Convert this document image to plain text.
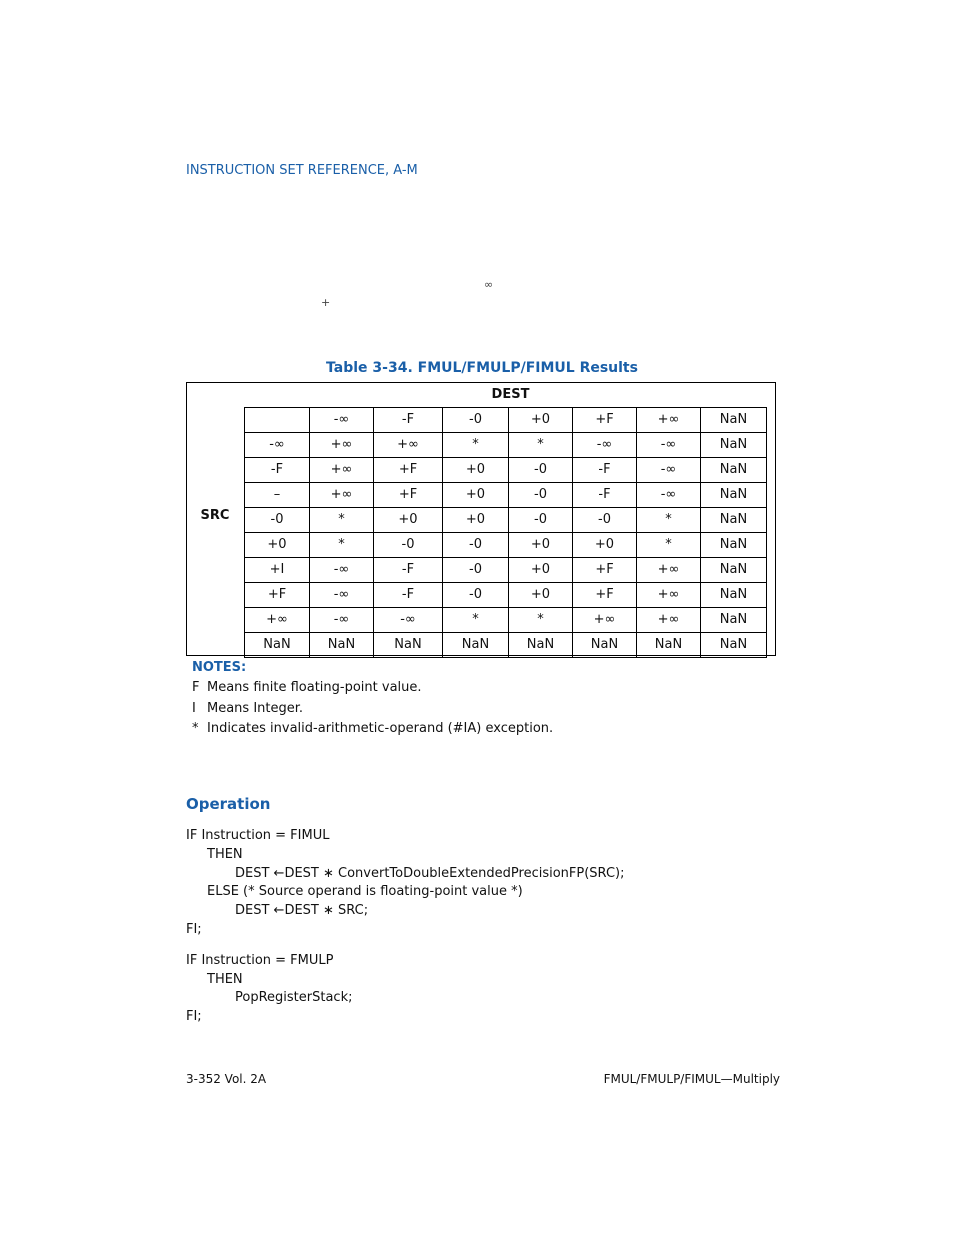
INSTRUCTION SET REFERENCE, A-M
∞
+
Table 3-34. FMUL/FMULP/FIMUL Results
DEST
SRC
	-∞	-F	-0	+0	+F	+∞	NaN
-∞	+∞	+∞	*	*	-∞	-∞	NaN
-F	+∞	+F	+0	-0	-F	-∞	NaN
–	+∞	+F	+0	-0	-F	-∞	NaN
-0	*	+0	+0	-0	-0	*	NaN
+0	*	-0	-0	+0	+0	*	NaN
+I	-∞	-F	-0	+0	+F	+∞	NaN
+F	-∞	-F	-0	+0	+F	+∞	NaN
+∞	-∞	-∞	*	*	+∞	+∞	NaN
NaN	NaN	NaN	NaN	NaN	NaN	NaN	NaN
NOTES:
F Means finite floating-point value.
I Means Integer.
* Indicates invalid-arithmetic-operand (#IA) exception.
Operation
IF Instruction = FIMUL
THEN
DEST ←DEST ∗ ConvertToDoubleExtendedPrecisionFP(SRC);
ELSE (* Source operand is floating-point value *)
DEST ←DEST ∗ SRC;
FI;
IF Instruction = FMULP
THEN
PopRegisterStack;
FI;
3-352 Vol. 2A	FMUL/FMULP/FIMUL—Multiply
